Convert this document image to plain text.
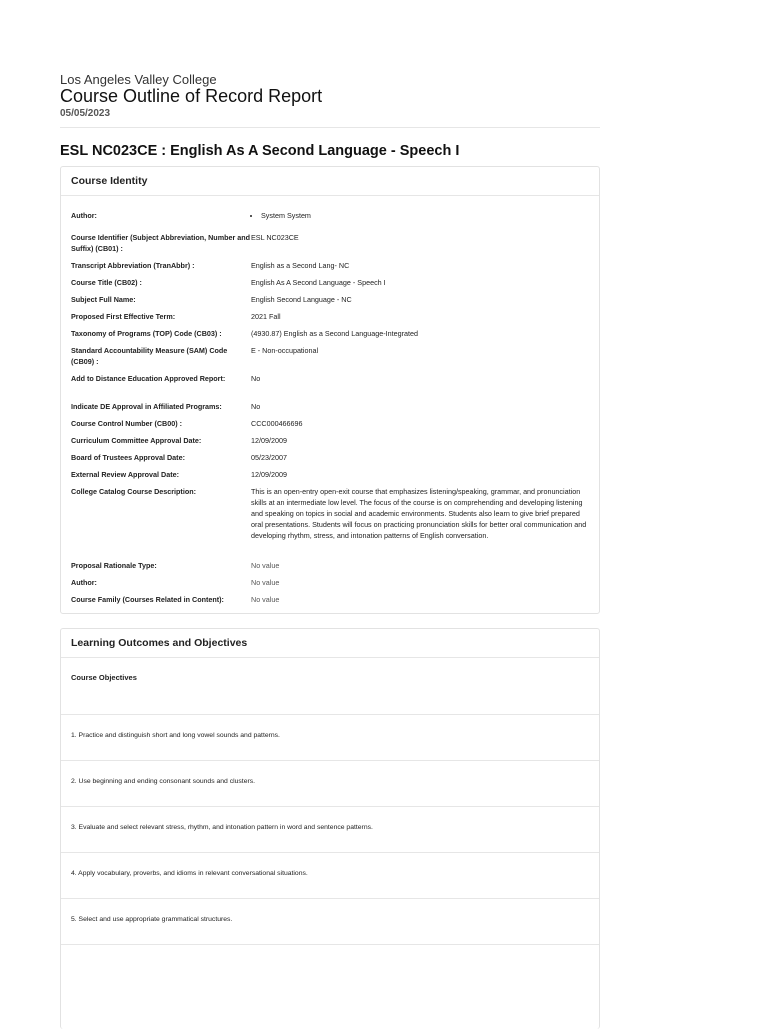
Los Angeles Valley College
Course Outline of Record Report
05/05/2023
ESL NC023CE : English As A Second Language - Speech I
Course Identity
Author:
•	System System
Course Identifier (Subject Abbreviation, Number and Suffix) (CB01) :
ESL NC023CE
Transcript Abbreviation (TranAbbr) :	English as a Second Lang- NC
Course Title (CB02) :	English As A Second Language - Speech I
Subject Full Name:	English Second Language - NC
Proposed First Effective Term:	2021 Fall
Taxonomy of Programs (TOP) Code (CB03) :	(4930.87) English as a Second Language-Integrated
Standard Accountability Measure (SAM) Code (CB09) :
E - Non-occupational
Add to Distance Education Approved Report:	No
Indicate DE Approval in Affiliated Programs:	No
Course Control Number (CB00) :	CCC000466696
Curriculum Committee Approval Date:	12/09/2009
Board of Trustees Approval Date:	05/23/2007
External Review Approval Date:	12/09/2009
College Catalog Course Description:	This is an open-entry open-exit course that emphasizes listening/speaking, grammar, and pronunciation skills at an intermediate low level. The focus of the course is on comprehending and developing listening and speaking on topics in social and academic environments. Students also learn to give brief prepared oral presentations. Students will focus on practicing pronunciation skills for better oral communication and developing rhythm, stress, and intonation patterns of English conversation.
Proposal Rationale Type:	No value
Author:	No value
Course Family (Courses Related in Content):	No value
Learning Outcomes and Objectives
Course Objectives
1. Practice and distinguish short and long vowel sounds and patterns.
2. Use beginning and ending consonant sounds and clusters.
3. Evaluate and select relevant stress, rhythm, and intonation pattern in word and sentence patterns.
4. Apply vocabulary, proverbs, and idioms in relevant conversational situations.
5. Select and use appropriate grammatical structures.
